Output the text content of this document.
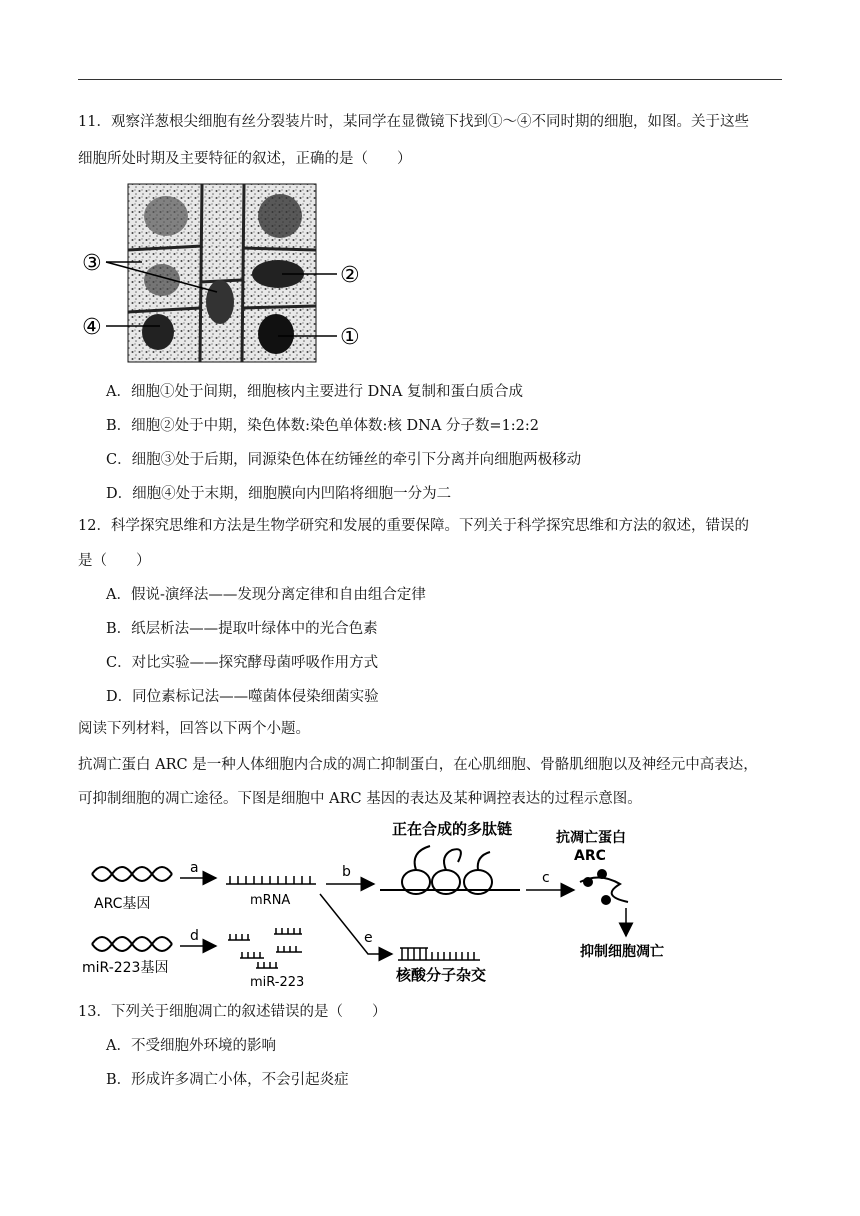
11．观察洋葱根尖细胞有丝分裂装片时，某同学在显微镜下找到①～④不同时期的细胞，如图。关于这些
细胞所处时期及主要特征的叙述，正确的是（　　）
③	②
④	①
A．细胞①处于间期，细胞核内主要进行 DNA 复制和蛋白质合成
B．细胞②处于中期，染色体数:染色单体数:核 DNA 分子数=1:2:2
C．细胞③处于后期，同源染色体在纺锤丝的牵引下分离并向细胞两极移动
D．细胞④处于末期，细胞膜向内凹陷将细胞一分为二
12．科学探究思维和方法是生物学研究和发展的重要保障。下列关于科学探究思维和方法的叙述，错误的
是（　　）
A．假说-演绎法——发现分离定律和自由组合定律
B．纸层析法——提取叶绿体中的光合色素
C．对比实验——探究酵母菌呼吸作用方式
D．同位素标记法——噬菌体侵染细菌实验
阅读下列材料，回答以下两个小题。
抗凋亡蛋白 ARC 是一种人体细胞内合成的凋亡抑制蛋白，在心肌细胞、骨骼肌细胞以及神经元中高表达，
可抑制细胞的凋亡途径。下图是细胞中 ARC 基因的表达及某种调控表达的过程示意图。
ARC基因
a
mRNA
b
正在合成的多肽链
c
抗凋亡蛋白
ARC
抑制细胞凋亡
miR-223基因
d
miR-223
e
核酸分子杂交
13．下列关于细胞凋亡的叙述错误的是（　　）
A．不受细胞外环境的影响
B．形成许多凋亡小体，不会引起炎症
